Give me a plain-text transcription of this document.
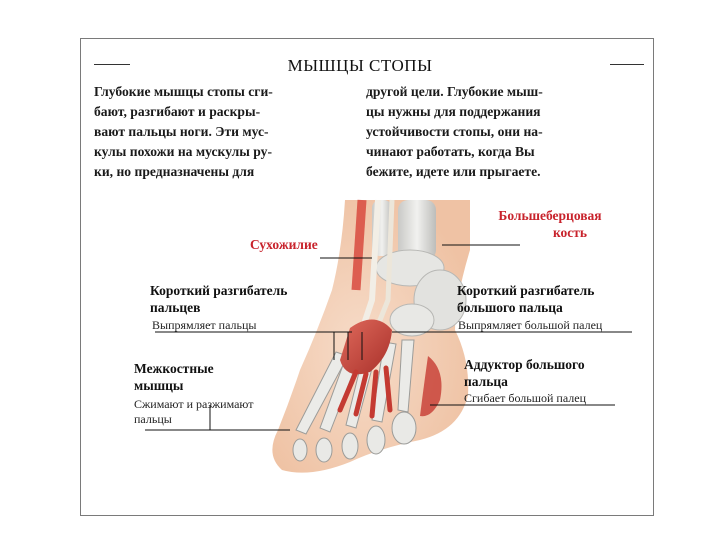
МЫШЦЫ СТОПЫ
Глубокие мышцы стопы сги-
бают, разгибают и раскры-
вают пальцы ноги. Эти мус-
кулы похожи на мускулы ру-
ки, но предназначены для
другой цели. Глубокие мыш-
цы нужны для поддержания
устойчивости стопы, они на-
чинают работать, когда Вы
бежите, идете или прыгаете.
Большеберцовая
кость
Сухожилие
Короткий разгибатель
пальцев
Выпрямляет пальцы
Короткий разгибатель
большого пальца
Выпрямляет большой палец
Межкостные
мышцы
Сжимают и разжимают
пальцы
Аддуктор большого
пальца
Сгибает большой палец
